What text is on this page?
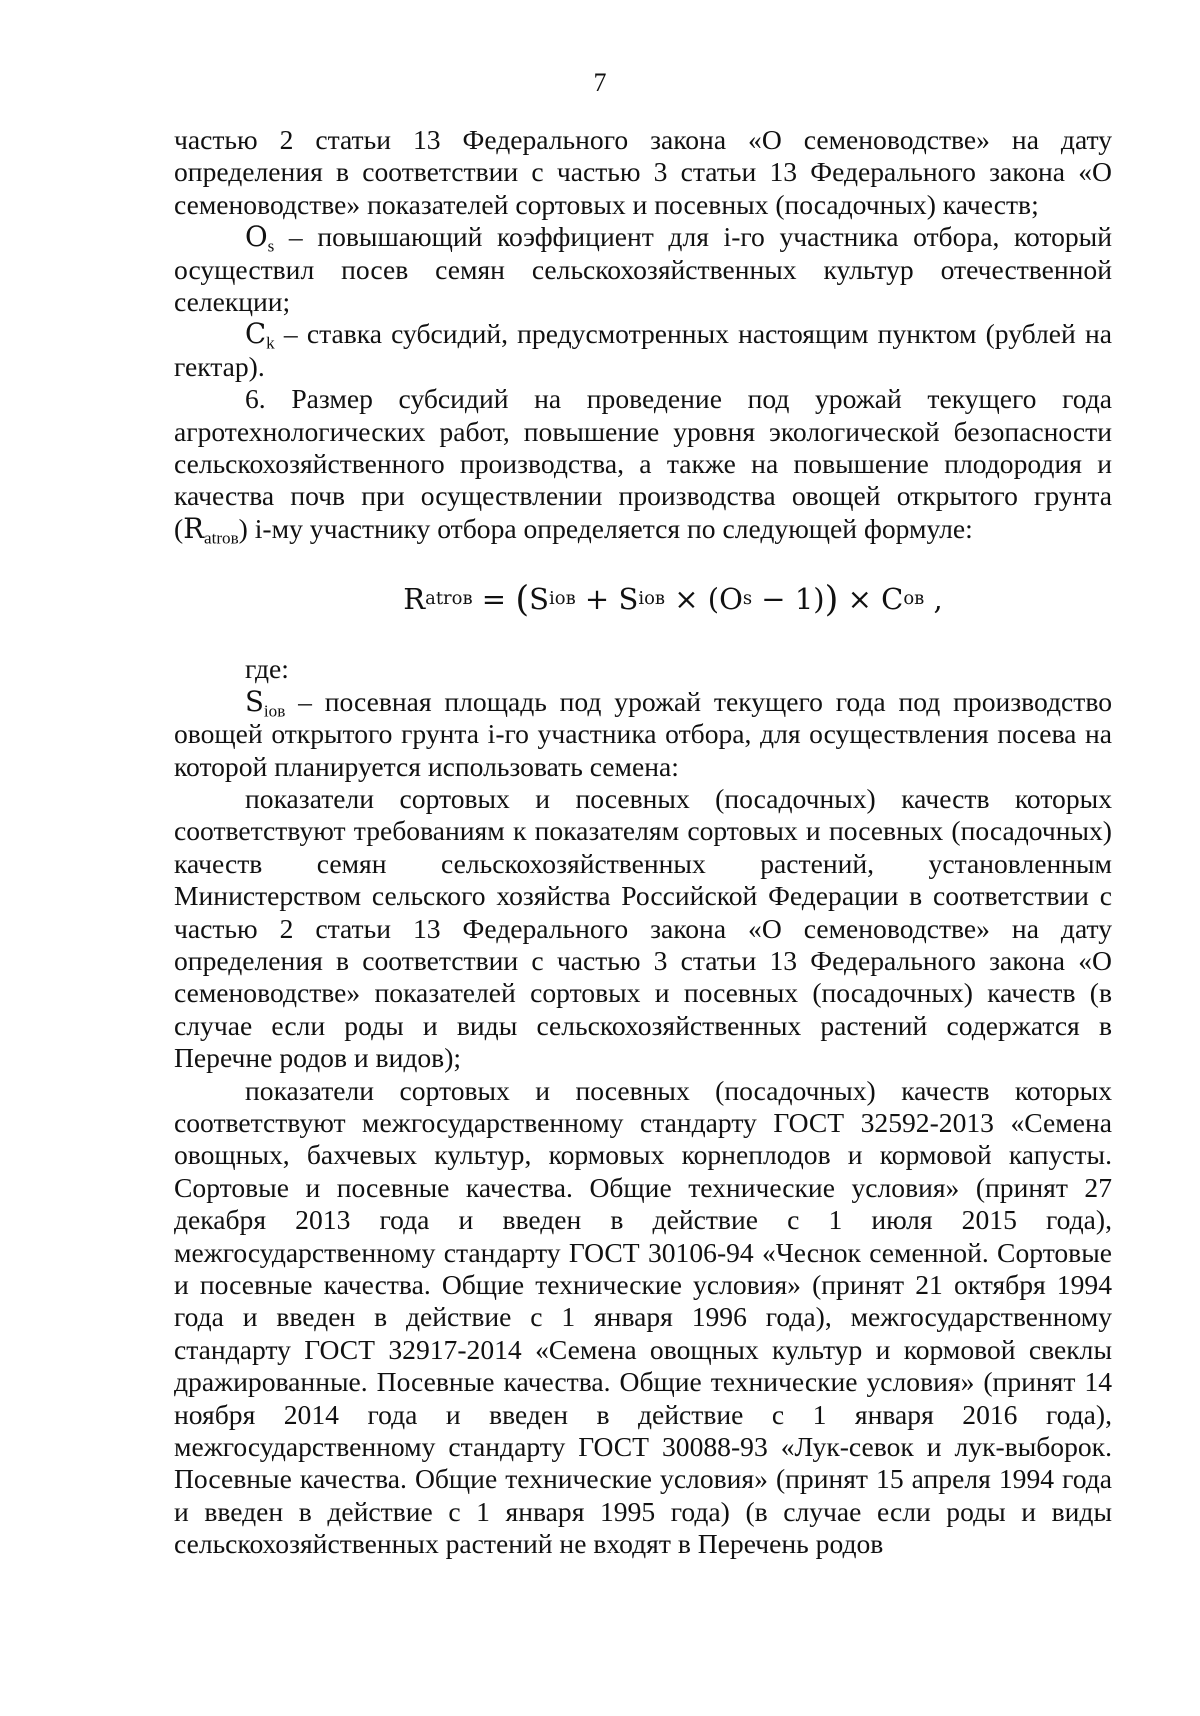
7

частью 2 статьи 13 Федерального закона «О семеноводстве» на дату определения в соответствии с частью 3 статьи 13 Федерального закона «О семеноводстве» показателей сортовых и посевных (посадочных) качеств;

$O_s$ – повышающий коэффициент для i-го участника отбора, который осуществил посев семян сельскохозяйственных культур отечественной селекции;

$C_k$ – ставка субсидий, предусмотренных настоящим пунктом (рублей на гектар).

6. Размер субсидий на проведение под урожай текущего года агротехнологических работ, повышение уровня экологической безопасности сельскохозяйственного производства, а также на повышение плодородия и качества почв при осуществлении производства овощей открытого грунта $(R_{atroв})$ i-му участнику отбора определяется по следующей формуле:

R atroв = ( S ioв + S ioв × ( O s − 1) ) × C oв ,

где:

$S_{ioв}$ – посевная площадь под урожай текущего года под производство овощей открытого грунта i-го участника отбора, для осуществления посева на которой планируется использовать семена:

показатели сортовых и посевных (посадочных) качеств которых соответствуют требованиям к показателям сортовых и посевных (посадочных) качеств семян сельскохозяйственных растений, установленным Министерством сельского хозяйства Российской Федерации в соответствии с частью 2 статьи 13 Федерального закона «О семеноводстве» на дату определения в соответствии с частью 3 статьи 13 Федерального закона «О семеноводстве» показателей сортовых и посевных (посадочных) качеств (в случае если роды и виды сельскохозяйственных растений содержатся в Перечне родов и видов);

показатели сортовых и посевных (посадочных) качеств которых соответствуют межгосударственному стандарту ГОСТ 32592-2013 «Семена овощных, бахчевых культур, кормовых корнеплодов и кормовой капусты. Сортовые и посевные качества. Общие технические условия» (принят 27 декабря 2013 года и введен в действие с 1 июля 2015 года), межгосударственному стандарту ГОСТ 30106-94 «Чеснок семенной. Сортовые и посевные качества. Общие технические условия» (принят 21 октября 1994 года и введен в действие с 1 января 1996 года), межгосударственному стандарту ГОСТ 32917-2014 «Семена овощных культур и кормовой свеклы дражированные. Посевные качества. Общие технические условия» (принят 14 ноября 2014 года и введен в действие с 1 января 2016 года), межгосударственному стандарту ГОСТ 30088-93 «Лук-севок и лук-выборок. Посевные качества. Общие технические условия» (принят 15 апреля 1994 года и введен в действие с 1 января 1995 года) (в случае если роды и виды сельскохозяйственных растений не входят в Перечень родов
